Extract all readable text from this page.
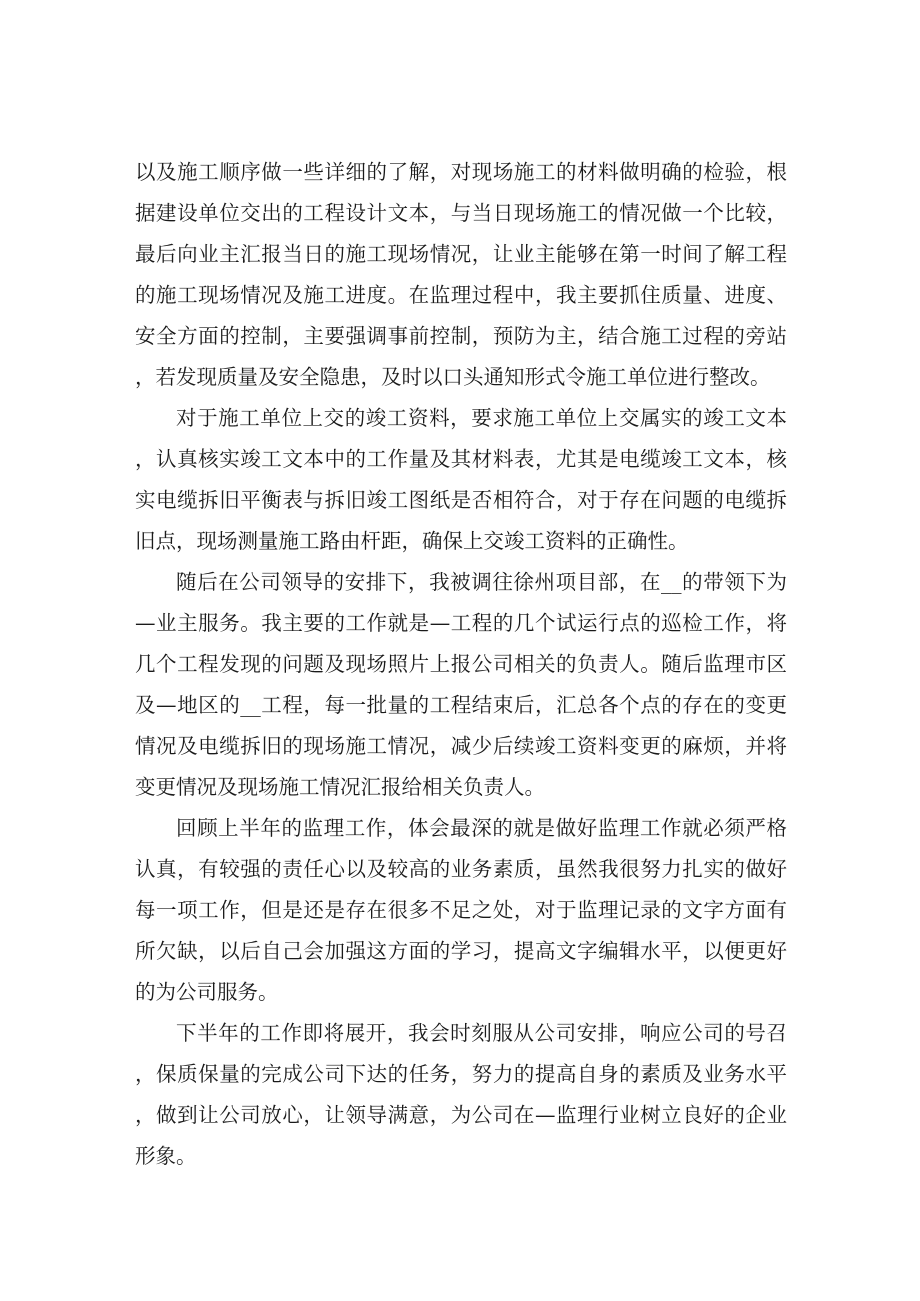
以及施工顺序做一些详细的了解，对现场施工的材料做明确的检验，根据建设单位交出的工程设计文本，与当日现场施工的情况做一个比较，最后向业主汇报当日的施工现场情况，让业主能够在第一时间了解工程的施工现场情况及施工进度。在监理过程中，我主要抓住质量、进度、安全方面的控制，主要强调事前控制，预防为主，结合施工过程的旁站，若发现质量及安全隐患，及时以口头通知形式令施工单位进行整改。

对于施工单位上交的竣工资料，要求施工单位上交属实的竣工文本，认真核实竣工文本中的工作量及其材料表，尤其是电缆竣工文本，核实电缆拆旧平衡表与拆旧竣工图纸是否相符合，对于存在问题的电缆拆旧点，现场测量施工路由杆距，确保上交竣工资料的正确性。

随后在公司领导的安排下，我被调往徐州项目部，在__的带领下为—业主服务。我主要的工作就是—工程的几个试运行点的巡检工作，将几个工程发现的问题及现场照片上报公司相关的负责人。随后监理市区及—地区的__工程，每一批量的工程结束后，汇总各个点的存在的变更情况及电缆拆旧的现场施工情况，减少后续竣工资料变更的麻烦，并将变更情况及现场施工情况汇报给相关负责人。

回顾上半年的监理工作，体会最深的就是做好监理工作就必须严格认真，有较强的责任心以及较高的业务素质，虽然我很努力扎实的做好每一项工作，但是还是存在很多不足之处，对于监理记录的文字方面有所欠缺，以后自己会加强这方面的学习，提高文字编辑水平，以便更好的为公司服务。

下半年的工作即将展开，我会时刻服从公司安排，响应公司的号召，保质保量的完成公司下达的任务，努力的提高自身的素质及业务水平，做到让公司放心，让领导满意，为公司在—监理行业树立良好的企业形象。
